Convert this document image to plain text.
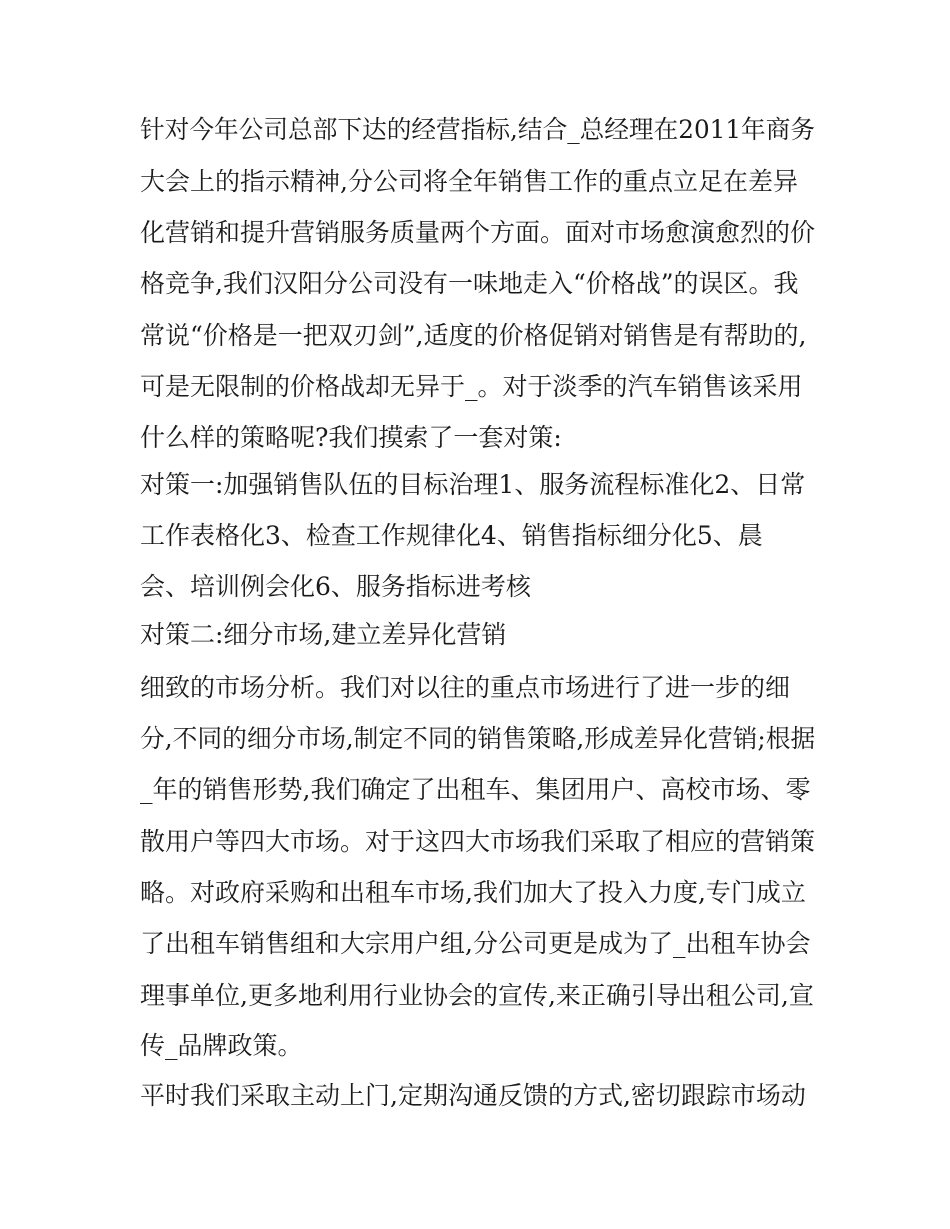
针对今年公司总部下达的经营指标,结合_总经理在2011年商务
大会上的指示精神,分公司将全年销售工作的重点立足在差异
化营销和提升营销服务质量两个方面。面对市场愈演愈烈的价
格竞争,我们汉阳分公司没有一味地走入“价格战”的误区。我
常说“价格是一把双刃剑”,适度的价格促销对销售是有帮助的,
可是无限制的价格战却无异于_。对于淡季的汽车销售该采用
什么样的策略呢?我们摸索了一套对策:
对策一:加强销售队伍的目标治理1、服务流程标准化2、日常
工作表格化3、检查工作规律化4、销售指标细分化5、晨
会、培训例会化6、服务指标进考核
对策二:细分市场,建立差异化营销
细致的市场分析。我们对以往的重点市场进行了进一步的细
分,不同的细分市场,制定不同的销售策略,形成差异化营销;根据
_年的销售形势,我们确定了出租车、集团用户、高校市场、零
散用户等四大市场。对于这四大市场我们采取了相应的营销策
略。对政府采购和出租车市场,我们加大了投入力度,专门成立
了出租车销售组和大宗用户组,分公司更是成为了_出租车协会
理事单位,更多地利用行业协会的宣传,来正确引导出租公司,宣
传_品牌政策。
平时我们采取主动上门,定期沟通反馈的方式,密切跟踪市场动
